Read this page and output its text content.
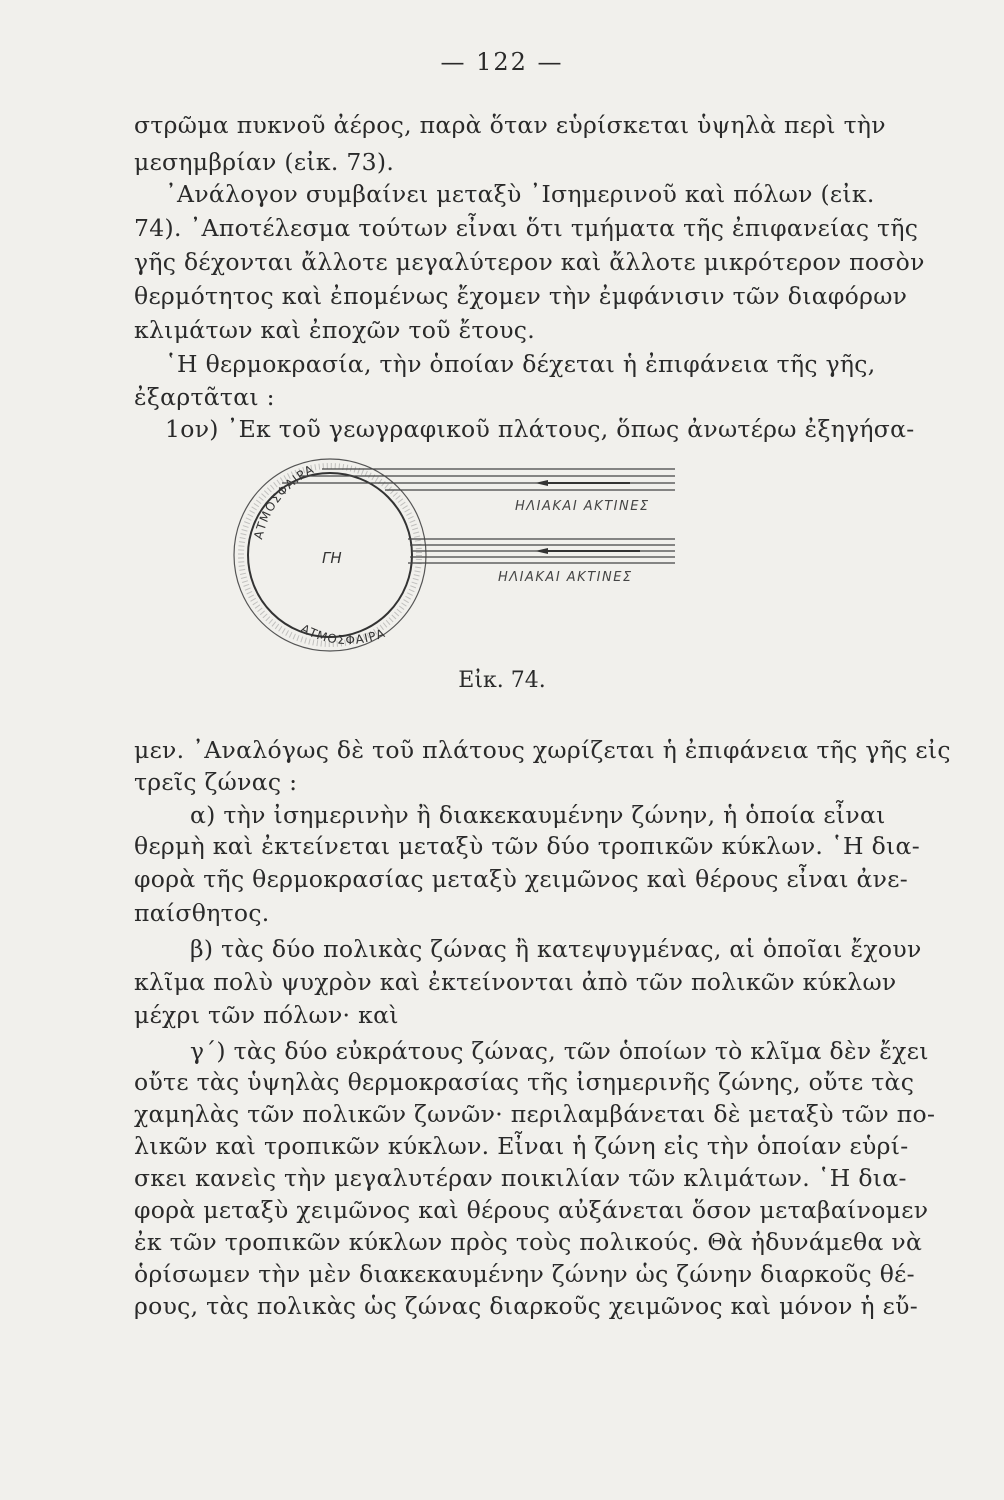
— 122 —
στρῶμα πυκνοῦ ἀέρος, παρὰ ὅταν εὑρίσκεται ὑψηλὰ περὶ τὴν
μεσημβρίαν (εἰκ. 73).
᾿Ανάλογον συμβαίνει μεταξὺ ᾿Ισημερινοῦ καὶ πόλων (εἰκ.
74). ᾿Αποτέλεσμα τούτων εἶναι ὅτι τμήματα τῆς ἐπιφανείας τῆς
γῆς δέχονται ἄλλοτε μεγαλύτερον καὶ ἄλλοτε μικρότερον ποσὸν
θερμότητος καὶ ἐπομένως ἔχομεν τὴν ἐμφάνισιν τῶν διαφόρων
κλιμάτων καὶ ἐποχῶν τοῦ ἔτους.
῾Η θερμοκρασία, τὴν ὁποίαν δέχεται ἡ ἐπιφάνεια τῆς γῆς,
ἐξαρτᾶται :
1ον) ᾿Εκ τοῦ γεωγραφικοῦ πλάτους, ὅπως ἀνωτέρω ἐξηγήσα-
ΑΤΜΟΣΦΑΙΡΑ
ΑΤΜΟΣΦΑΙΡΑ
ΓΗ
ΗΛΙΑΚΑΙ ΑΚΤΙΝΕΣ
ΗΛΙΑΚΑΙ ΑΚΤΙΝΕΣ
Εἰκ. 74.
μεν. ᾿Αναλόγως δὲ τοῦ πλάτους χωρίζεται ἡ ἐπιφάνεια τῆς γῆς εἰς
τρεῖς ζώνας :
α) τὴν ἰσημερινὴν ἢ διακεκαυμένην ζώνην, ἡ ὁποία εἶναι
θερμὴ καὶ ἐκτείνεται μεταξὺ τῶν δύο τροπικῶν κύκλων. ῾Η δια-
φορὰ τῆς θερμοκρασίας μεταξὺ χειμῶνος καὶ θέρους εἶναι ἀνε-
παίσθητος.
β) τὰς δύο πολικὰς ζώνας ἢ κατεψυγμένας, αἱ ὁποῖαι ἔχουν
κλῖμα πολὺ ψυχρὸν καὶ ἐκτείνονται ἀπὸ τῶν πολικῶν κύκλων
μέχρι τῶν πόλων· καὶ
γ΄) τὰς δύο εὐκράτους ζώνας, τῶν ὁποίων τὸ κλῖμα δὲν ἔχει
οὔτε τὰς ὑψηλὰς θερμοκρασίας τῆς ἰσημερινῆς ζώνης, οὔτε τὰς
χαμηλὰς τῶν πολικῶν ζωνῶν· περιλαμβάνεται δὲ μεταξὺ τῶν πο-
λικῶν καὶ τροπικῶν κύκλων. Εἶναι ἡ ζώνη εἰς τὴν ὁποίαν εὑρί-
σκει κανεὶς τὴν μεγαλυτέραν ποικιλίαν τῶν κλιμάτων. ῾Η δια-
φορὰ μεταξὺ χειμῶνος καὶ θέρους αὐξάνεται ὅσον μεταβαίνομεν
ἐκ τῶν τροπικῶν κύκλων πρὸς τοὺς πολικούς. Θὰ ἠδυνάμεθα νὰ
ὁρίσωμεν τὴν μὲν διακεκαυμένην ζώνην ὡς ζώνην διαρκοῦς θέ-
ρους, τὰς πολικὰς ὡς ζώνας διαρκοῦς χειμῶνος καὶ μόνον ἡ εὔ-
